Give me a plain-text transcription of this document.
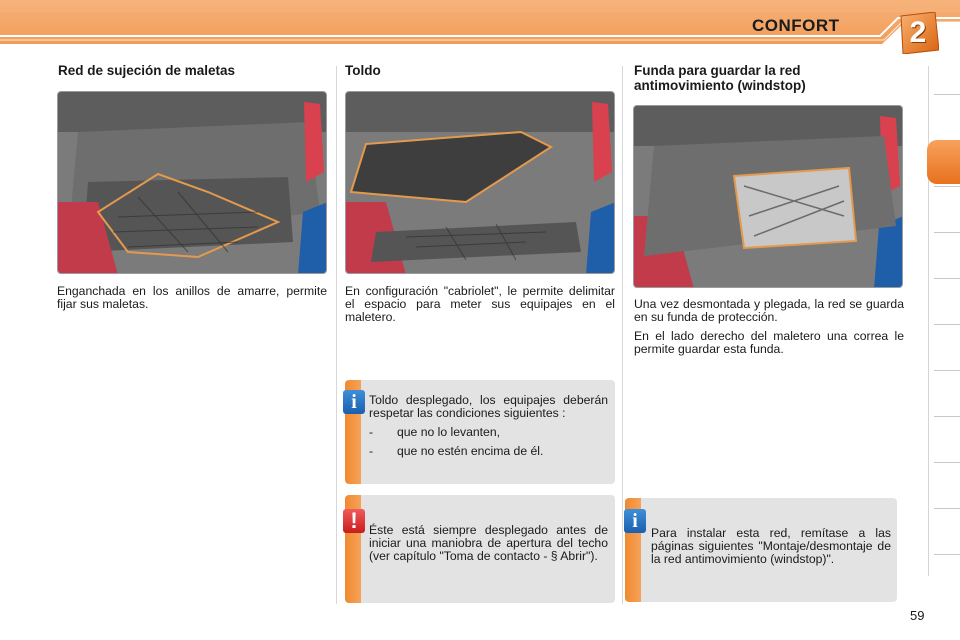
CONFORT	2
Red de sujeción de maletas

Enganchada en los anillos de amarre, permite fijar sus maletas.

Toldo

En configuración "cabriolet", le permite delimitar el espacio para meter sus equipajes en el maletero.

i	Toldo desplegado, los equipajes deberán respetar las condiciones siguientes :

-	que no lo levanten,

-	que no estén encima de él.

! Éste está siempre desplegado antes de iniciar una maniobra de apertura del techo (ver capítulo "Toma de contacto - § Abrir").

Funda para guardar la red antimovimiento (windstop)

Una vez desmontada y plegada, la red se guarda en su funda de protección.

En el lado derecho del maletero una correa le permite guardar esta funda.

i

Para instalar esta red, remítase a las páginas siguientes "Montaje/desmontaje de la red antimovimiento (windstop)".

59
